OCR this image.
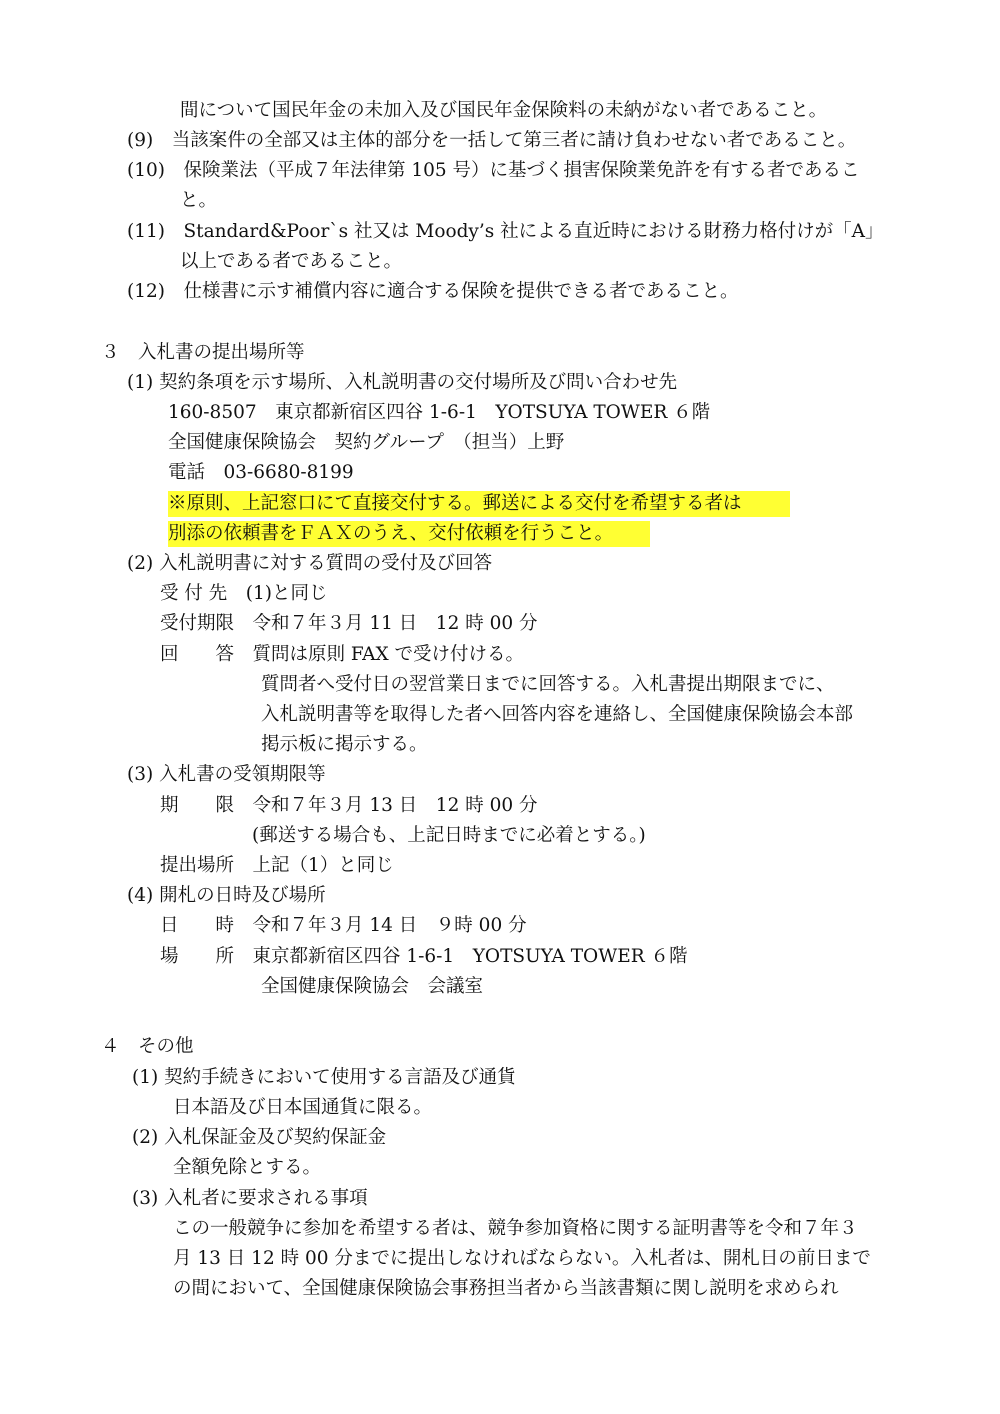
間について国民年金の未加入及び国民年金保険料の未納がない者であること。
(9)　当該案件の全部又は主体的部分を一括して第三者に請け負わせない者であること。
(10)　保険業法（平成７年法律第 105 号）に基づく損害保険業免許を有する者であるこ
と。
(11)　Standard&Poor`s 社又は Moody’s 社による直近時における財務力格付けが「A」
以上である者であること。
(12)　仕様書に示す補償内容に適合する保険を提供できる者であること。
３　入札書の提出場所等
(1) 契約条項を示す場所、入札説明書の交付場所及び問い合わせ先
160-8507　東京都新宿区四谷 1-6-1　YOTSUYA TOWER ６階
全国健康保険協会　契約グループ　（担当）上野
電話　03-6680-8199
※原則、上記窓口にて直接交付する。郵送による交付を希望する者は
別添の依頼書をＦＡＸのうえ、交付依頼を行うこと。
(2) 入札説明書に対する質問の受付及び回答
受 付 先　(1)と同じ
受付期限　令和７年３月 11 日　12 時 00 分
回　　答　質問は原則 FAX で受け付ける。
質問者へ受付日の翌営業日までに回答する。入札書提出期限までに、
入札説明書等を取得した者へ回答内容を連絡し、全国健康保険協会本部
掲示板に掲示する。
(3) 入札書の受領期限等
期　　限　令和７年３月 13 日　12 時 00 分
(郵送する場合も、上記日時までに必着とする。)
提出場所　上記（1）と同じ
(4) 開札の日時及び場所
日　　時　令和７年３月 14 日　９時 00 分
場　　所　東京都新宿区四谷 1-6-1　YOTSUYA TOWER ６階
全国健康保険協会　会議室
４　その他
(1) 契約手続きにおいて使用する言語及び通貨
日本語及び日本国通貨に限る。
(2) 入札保証金及び契約保証金
全額免除とする。
(3) 入札者に要求される事項
この一般競争に参加を希望する者は、競争参加資格に関する証明書等を令和７年３
月 13 日 12 時 00 分までに提出しなければならない。入札者は、開札日の前日まで
の間において、全国健康保険協会事務担当者から当該書類に関し説明を求められ
